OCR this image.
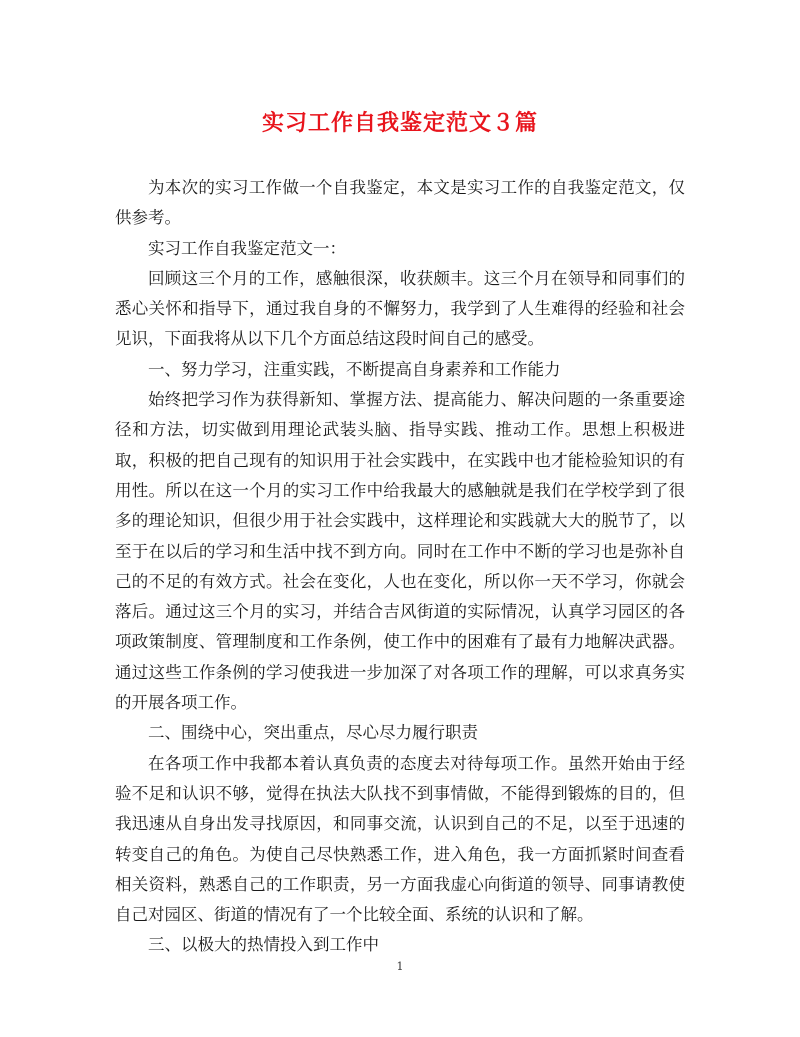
实习工作自我鉴定范文３篇

为本次的实习工作做一个自我鉴定，本文是实习工作的自我鉴定范文，仅供参考。

实习工作自我鉴定范文一：

回顾这三个月的工作，感触很深，收获颇丰。这三个月在领导和同事们的悉心关怀和指导下，通过我自身的不懈努力，我学到了人生难得的经验和社会见识，下面我将从以下几个方面总结这段时间自己的感受。

一、努力学习，注重实践，不断提高自身素养和工作能力

始终把学习作为获得新知、掌握方法、提高能力、解决问题的一条重要途径和方法，切实做到用理论武装头脑、指导实践、推动工作。思想上积极进取，积极的把自己现有的知识用于社会实践中，在实践中也才能检验知识的有用性。所以在这一个月的实习工作中给我最大的感触就是我们在学校学到了很多的理论知识，但很少用于社会实践中，这样理论和实践就大大的脱节了，以至于在以后的学习和生活中找不到方向。同时在工作中不断的学习也是弥补自己的不足的有效方式。社会在变化，人也在变化，所以你一天不学习，你就会落后。通过这三个月的实习，并结合吉风街道的实际情况，认真学习园区的各项政策制度、管理制度和工作条例，使工作中的困难有了最有力地解决武器。通过这些工作条例的学习使我进一步加深了对各项工作的理解，可以求真务实的开展各项工作。

二、围绕中心，突出重点，尽心尽力履行职责

在各项工作中我都本着认真负责的态度去对待每项工作。虽然开始由于经验不足和认识不够，觉得在执法大队找不到事情做，不能得到锻炼的目的，但我迅速从自身出发寻找原因，和同事交流，认识到自己的不足，以至于迅速的转变自己的角色。为使自己尽快熟悉工作，进入角色，我一方面抓紧时间查看相关资料，熟悉自己的工作职责，另一方面我虚心向街道的领导、同事请教使自己对园区、街道的情况有了一个比较全面、系统的认识和了解。

三、以极大的热情投入到工作中

1
